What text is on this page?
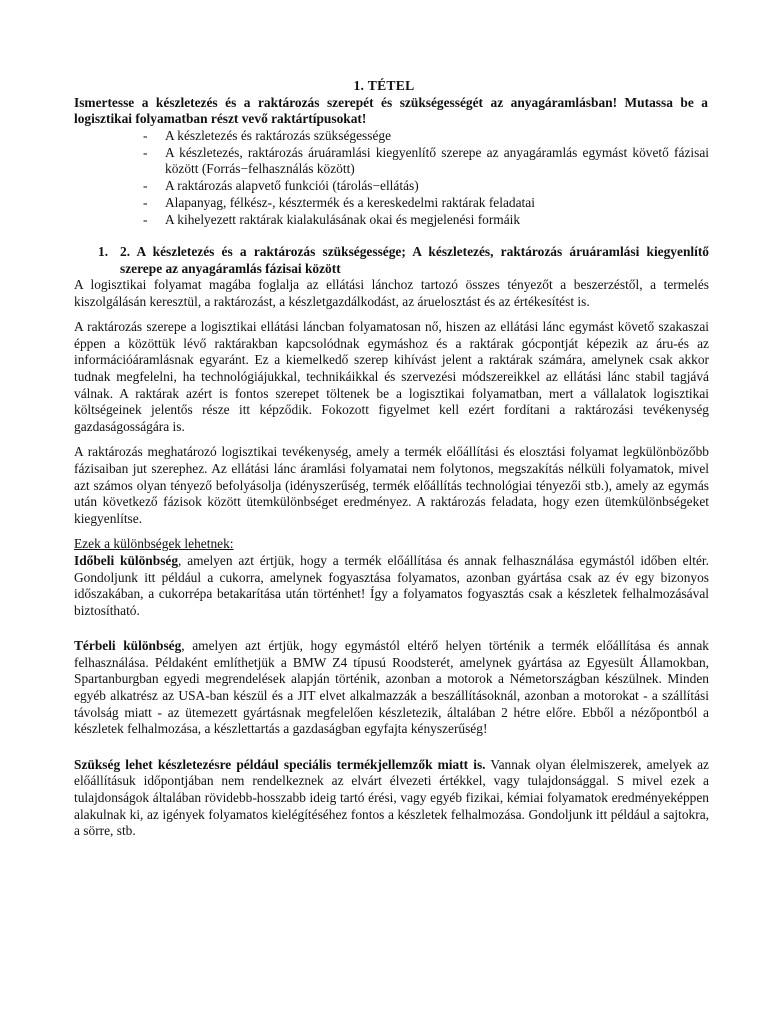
1. TÉTEL
Ismertesse a készletezés és a raktározás szerepét és szükségességét az anyagáramlásban! Mutassa be a logisztikai folyamatban részt vevő raktártípusokat!
- A készletezés és raktározás szükségessége
- A készletezés, raktározás áruáramlási kiegyenlítő szerepe az anyagáramlás egymást követő fázisai között (Forrás−felhasználás között)
- A raktározás alapvető funkciói (tárolás−ellátás)
- Alapanyag, félkész-, késztermék és a kereskedelmi raktárak feladatai
- A kihelyezett raktárak kialakulásának okai és megjelenési formáik
1. 2. A készletezés és a raktározás szükségessége; A készletezés, raktározás áruáramlási kiegyenlítő szerepe az anyagáramlás fázisai között

A logisztikai folyamat magába foglalja az ellátási lánchoz tartozó összes tényezőt a beszerzéstől, a termelés kiszolgálásán keresztül, a raktározást, a készletgazdálkodást, az áruelosztást és az értékesítést is.

A raktározás szerepe a logisztikai ellátási láncban folyamatosan nő, hiszen az ellátási lánc egymást követő szakaszai éppen a közöttük lévő raktárakban kapcsolódnak egymáshoz és a raktárak gócpontját képezik az áru-és az információáramlásnak egyaránt. Ez a kiemelkedő szerep kihívást jelent a raktárak számára, amelynek csak akkor tudnak megfelelni, ha technológiájukkal, technikáikkal és szervezési módszereikkel az ellátási lánc stabil tagjává válnak. A raktárak azért is fontos szerepet töltenek be a logisztikai folyamatban, mert a vállalatok logisztikai költségeinek jelentős része itt képződik. Fokozott figyelmet kell ezért fordítani a raktározási tevékenység gazdaságosságára is.

A raktározás meghatározó logisztikai tevékenység, amely a termék előállítási és elosztási folyamat legkülönbözőbb fázisaiban jut szerephez. Az ellátási lánc áramlási folyamatai nem folytonos, megszakítás nélküli folyamatok, mivel azt számos olyan tényező befolyásolja (idényszerűség, termék előállítás technológiai tényezői stb.), amely az egymás után következő fázisok között ütemkülönbséget eredményez. A raktározás feladata, hogy ezen ütemkülönbségeket kiegyenlítse.

Ezek a különbségek lehetnek:

Időbeli különbség, amelyen azt értjük, hogy a termék előállítása és annak felhasználása egymástól időben eltér. Gondoljunk itt például a cukorra, amelynek fogyasztása folyamatos, azonban gyártása csak az év egy bizonyos időszakában, a cukorrépa betakarítása után történhet! Így a folyamatos fogyasztás csak a készletek felhalmozásával biztosítható.

Térbeli különbség, amelyen azt értjük, hogy egymástól eltérő helyen történik a termék előállítása és annak felhasználása. Példaként említhetjük a BMW Z4 típusú Roodsterét, amelynek gyártása az Egyesült Államokban, Spartanburgban egyedi megrendelések alapján történik, azonban a motorok a Németországban készülnek. Minden egyéb alkatrész az USA-ban készül és a JIT elvet alkalmazzák a beszállításoknál, azonban a motorokat - a szállítási távolság miatt - az ütemezett gyártásnak megfelelően készletezik, általában 2 hétre előre. Ebből a nézőpontból a készletek felhalmozása, a készlettartás a gazdaságban egyfajta kényszerűség!

Szükség lehet készletezésre például speciális termékjellemzők miatt is. Vannak olyan élelmiszerek, amelyek az előállításuk időpontjában nem rendelkeznek az elvárt élvezeti értékkel, vagy tulajdonsággal. S mivel ezek a tulajdonságok általában rövidebb-hosszabb ideig tartó érési, vagy egyéb fizikai, kémiai folyamatok eredményeképpen alakulnak ki, az igények folyamatos kielégítéséhez fontos a készletek felhalmozása. Gondoljunk itt például a sajtokra, a sörre, stb.
